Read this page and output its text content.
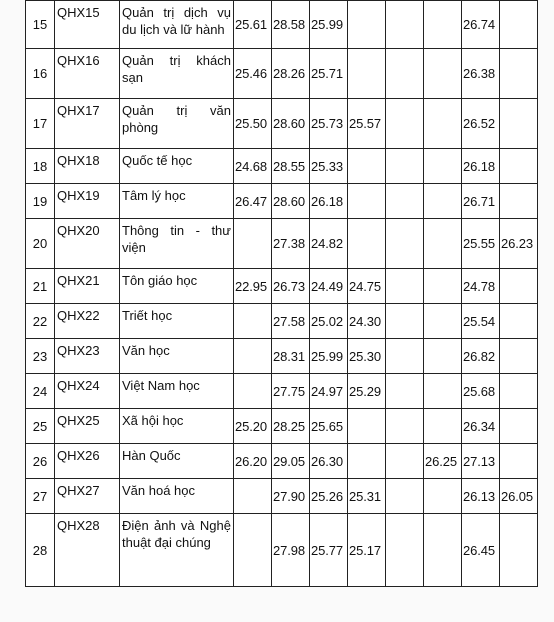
15	QHX15	Quản trị dịch vụ du lịch và lữ hành	25.61	28.58	25.99				26.74	
16	QHX16	Quản trị khách sạn	25.46	28.26	25.71				26.38	
17	QHX17	Quản trị văn phòng	25.50	28.60	25.73	25.57			26.52	
18	QHX18	Quốc tế học	24.68	28.55	25.33				26.18	
19	QHX19	Tâm lý học	26.47	28.60	26.18				26.71	
20	QHX20	Thông tin - thư viện		27.38	24.82				25.55	26.23
21	QHX21	Tôn giáo học	22.95	26.73	24.49	24.75			24.78	
22	QHX22	Triết học		27.58	25.02	24.30			25.54	
23	QHX23	Văn học		28.31	25.99	25.30			26.82	
24	QHX24	Việt Nam học		27.75	24.97	25.29			25.68	
25	QHX25	Xã hội học	25.20	28.25	25.65				26.34	
26	QHX26	Hàn Quốc	26.20	29.05	26.30			26.25	27.13	
27	QHX27	Văn hoá học		27.90	25.26	25.31			26.13	26.05
28	QHX28	Điện ảnh và Nghệ thuật đại chúng		27.98	25.77	25.17			26.45	
